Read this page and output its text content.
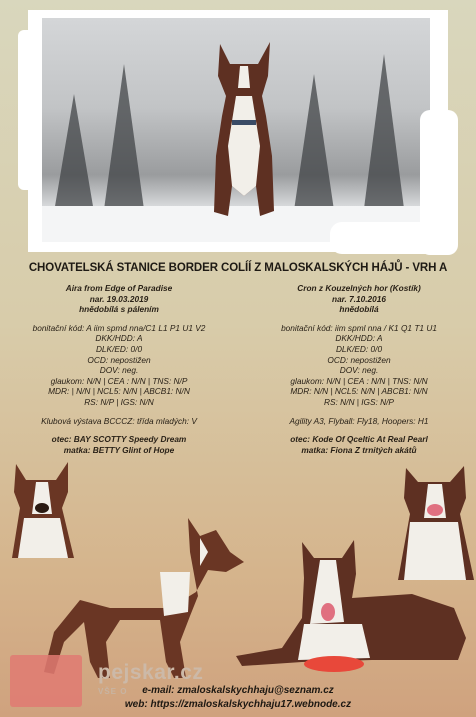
CHOVATELSKÁ STANICE BORDER COLÍÍ Z MALOSKALSKÝCH HÁJŮ - VRH A
Aira from Edge of Paradise
nar. 19.03.2019
hnědobílá s pálením
bonitační kód: A iim spmd nna/C1 L1 P1 U1 V2
DKK/HDD: A
DLK/ED: 0/0
OCD: nepostižen
DOV: neg.
glaukom: N/N | CEA : N/N | TNS: N/P
MDR: | N/N | NCL5: N/N | ABCB1: N/N
RS: N/P | IGS: N/N
Klubová výstava BCCCZ: třída mladých: V
otec: BAY SCOTTY Speedy Dream
matka: BETTY Glint of Hope
Cron z Kouzelných hor (Kostík)
nar. 7.10.2016
hnědobílá
bonitační kód: iim spml nna / K1 Q1 T1 U1
DKK/HDD: A
DLK/ED: 0/0
OCD: nepostižen
DOV: neg.
glaukom: N/N | CEA : N/N | TNS: N/N
MDR: N/N | NCL5: N/N | ABCB1: N/N
RS: N/N | IGS: N/P
Agility A3, Flyball: Fly18, Hoopers: H1
otec: Kode Of Qceltic At Real Pearl
matka: Fiona Z trnitých akátů
pejskar.cz
VŠE O	e-mail: zmaloskalskychhaju@seznam.cz
web: https://zmaloskalskychhaju17.webnode.cz
